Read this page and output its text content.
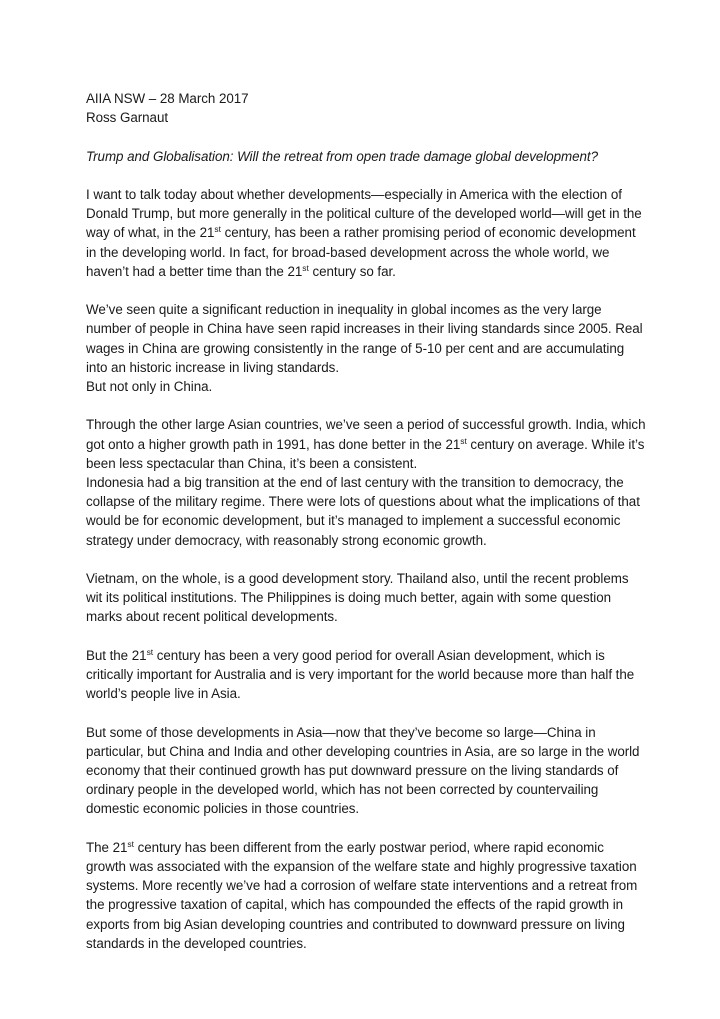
AIIA NSW – 28 March 2017

Ross Garnaut

Trump and Globalisation: Will the retreat from open trade damage global development?

I want to talk today about whether developments—especially in America with the election of Donald Trump, but more generally in the political culture of the developed world—will get in the way of what, in the 21st century, has been a rather promising period of economic development in the developing world. In fact, for broad-based development across the whole world, we haven’t had a better time than the 21st century so far.

We’ve seen quite a significant reduction in inequality in global incomes as the very large number of people in China have seen rapid increases in their living standards since 2005. Real wages in China are growing consistently in the range of 5-10 per cent and are accumulating into an historic increase in living standards.

But not only in China.

Through the other large Asian countries, we’ve seen a period of successful growth. India, which got onto a higher growth path in 1991, has done better in the 21st century on average. While it’s been less spectacular than China, it’s been a consistent.

Indonesia had a big transition at the end of last century with the transition to democracy, the collapse of the military regime. There were lots of questions about what the implications of that would be for economic development, but it’s managed to implement a successful economic strategy under democracy, with reasonably strong economic growth.

Vietnam, on the whole, is a good development story. Thailand also, until the recent problems wit its political institutions. The Philippines is doing much better, again with some question marks about recent political developments.

But the 21st century has been a very good period for overall Asian development, which is critically important for Australia and is very important for the world because more than half the world’s people live in Asia.

But some of those developments in Asia—now that they’ve become so large—China in particular, but China and India and other developing countries in Asia, are so large in the world economy that their continued growth has put downward pressure on the living standards of ordinary people in the developed world, which has not been corrected by countervailing domestic economic policies in those countries.

The 21st century has been different from the early postwar period, where rapid economic growth was associated with the expansion of the welfare state and highly progressive taxation systems. More recently we’ve had a corrosion of welfare state interventions and a retreat from the progressive taxation of capital, which has compounded the effects of the rapid growth in exports from big Asian developing countries and contributed to downward pressure on living standards in the developed countries.
